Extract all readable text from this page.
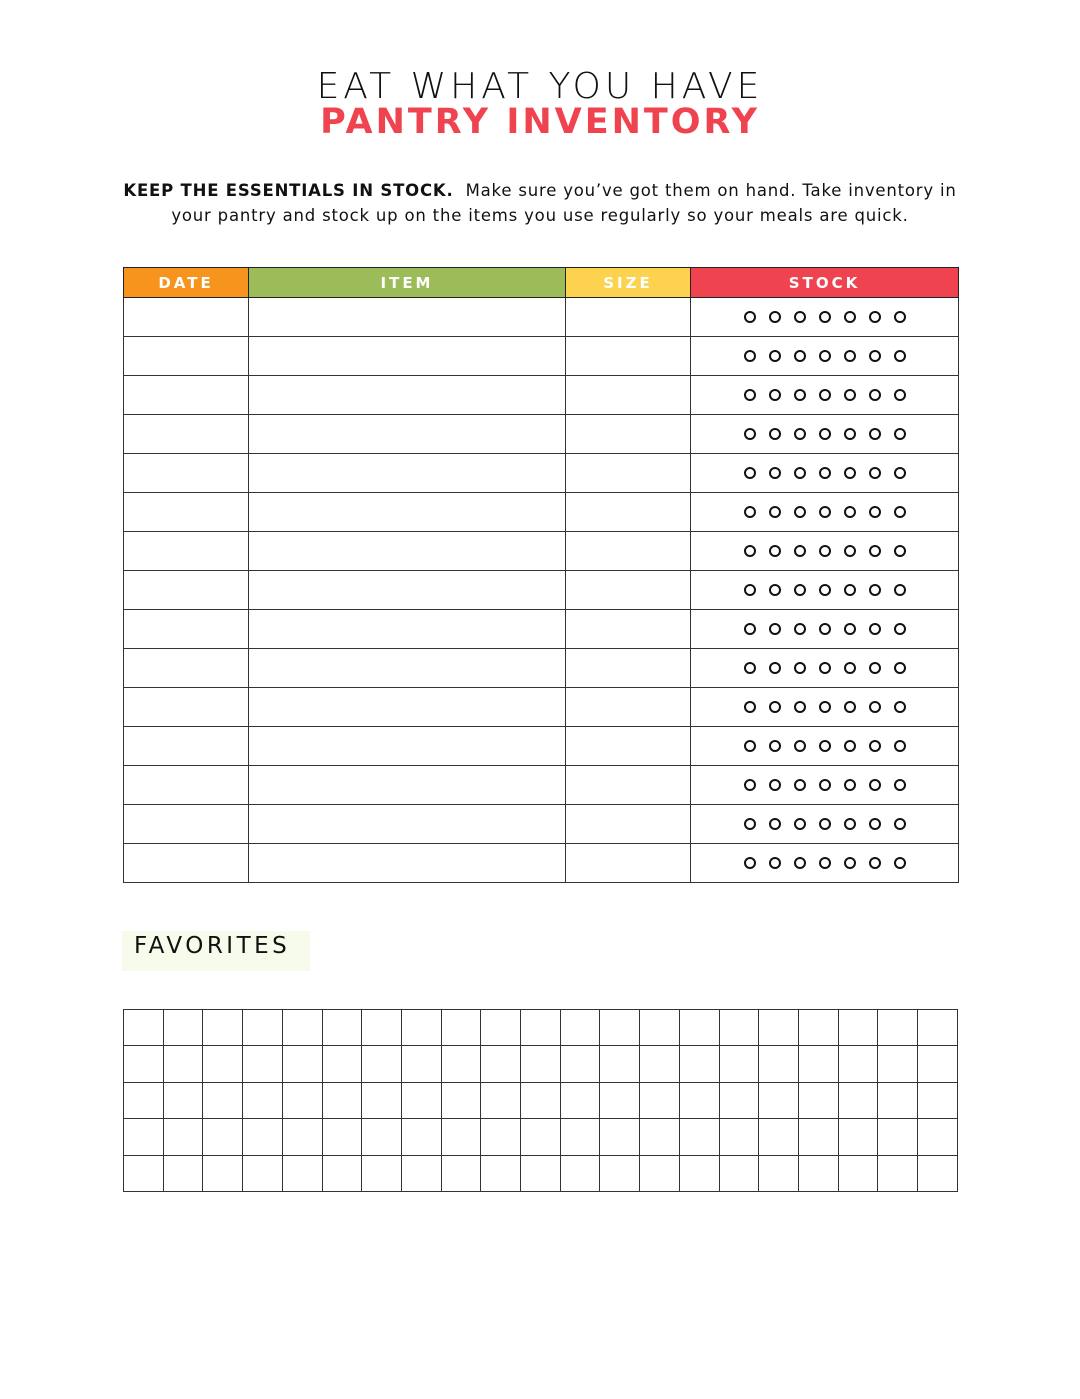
EAT WHAT YOU HAVE
PANTRY INVENTORY
KEEP THE ESSENTIALS IN STOCK. Make sure you’ve got them on hand. Take inventory in your pantry and stock up on the items you use regularly so your meals are quick.
DATE	ITEM	SIZE	STOCK

FAVORITES
